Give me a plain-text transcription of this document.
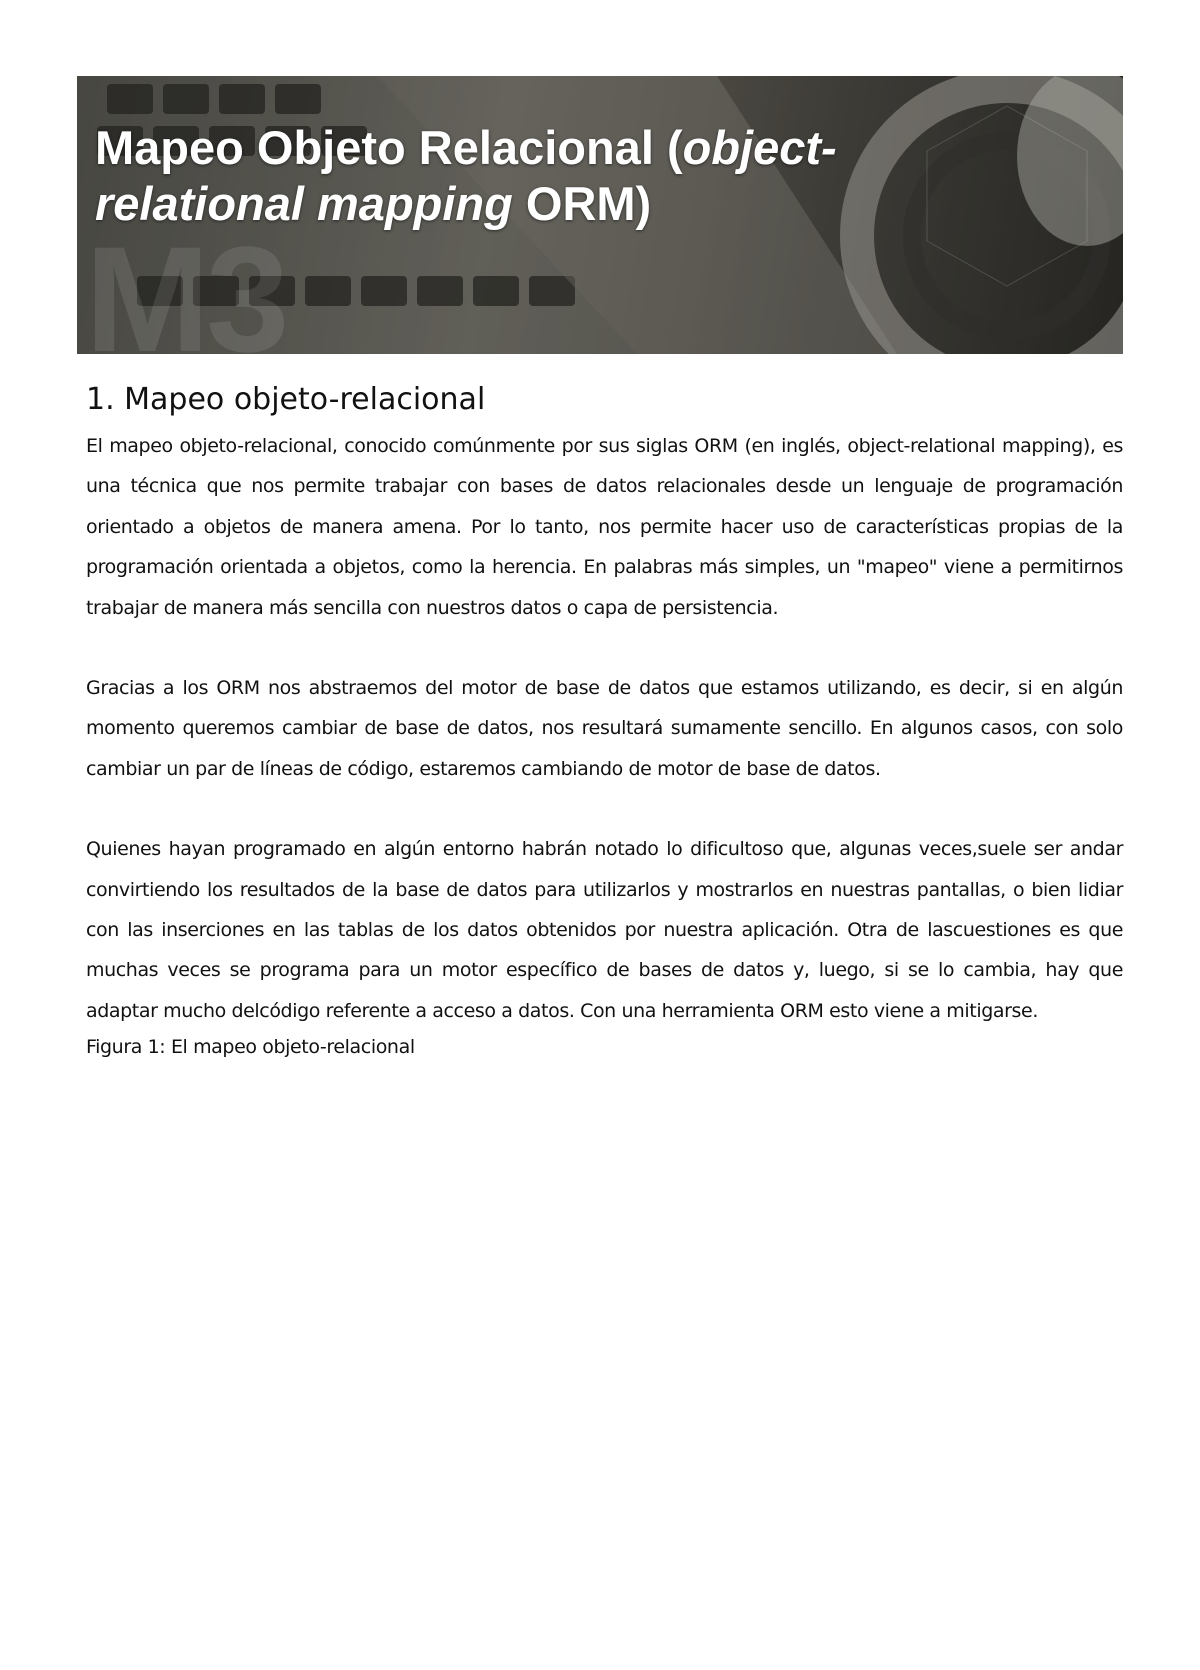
M3
Mapeo Objeto Relacional (object-relational mapping ORM)
1. Mapeo objeto-relacional

El mapeo objeto-relacional, conocido comúnmente por sus siglas ORM (en inglés, object-relational mapping), es una técnica que nos permite trabajar con bases de datos relacionales desde un lenguaje de programación orientado a objetos de manera amena. Por lo tanto, nos permite hacer uso de características propias de la programación orientada a objetos, como la herencia. En palabras más simples, un "mapeo" viene a permitirnos trabajar de manera más sencilla con nuestros datos o capa de persistencia.

Gracias a los ORM nos abstraemos del motor de base de datos que estamos utilizando, es decir, si en algún momento queremos cambiar de base de datos, nos resultará sumamente sencillo. En algunos casos, con solo cambiar un par de líneas de código, estaremos cambiando de motor de base de datos.

Quienes hayan programado en algún entorno habrán notado lo dificultoso que, algunas veces,suele ser andar convirtiendo los resultados de la base de datos para utilizarlos y mostrarlos en nuestras pantallas, o bien lidiar con las inserciones en las tablas de los datos obtenidos por nuestra aplicación. Otra de lascuestiones es que muchas veces se programa para un motor específico de bases de datos y, luego, si se lo cambia, hay que adaptar mucho delcódigo referente a acceso a datos. Con una herramienta ORM esto viene a mitigarse.

Figura 1: El mapeo objeto-relacional
